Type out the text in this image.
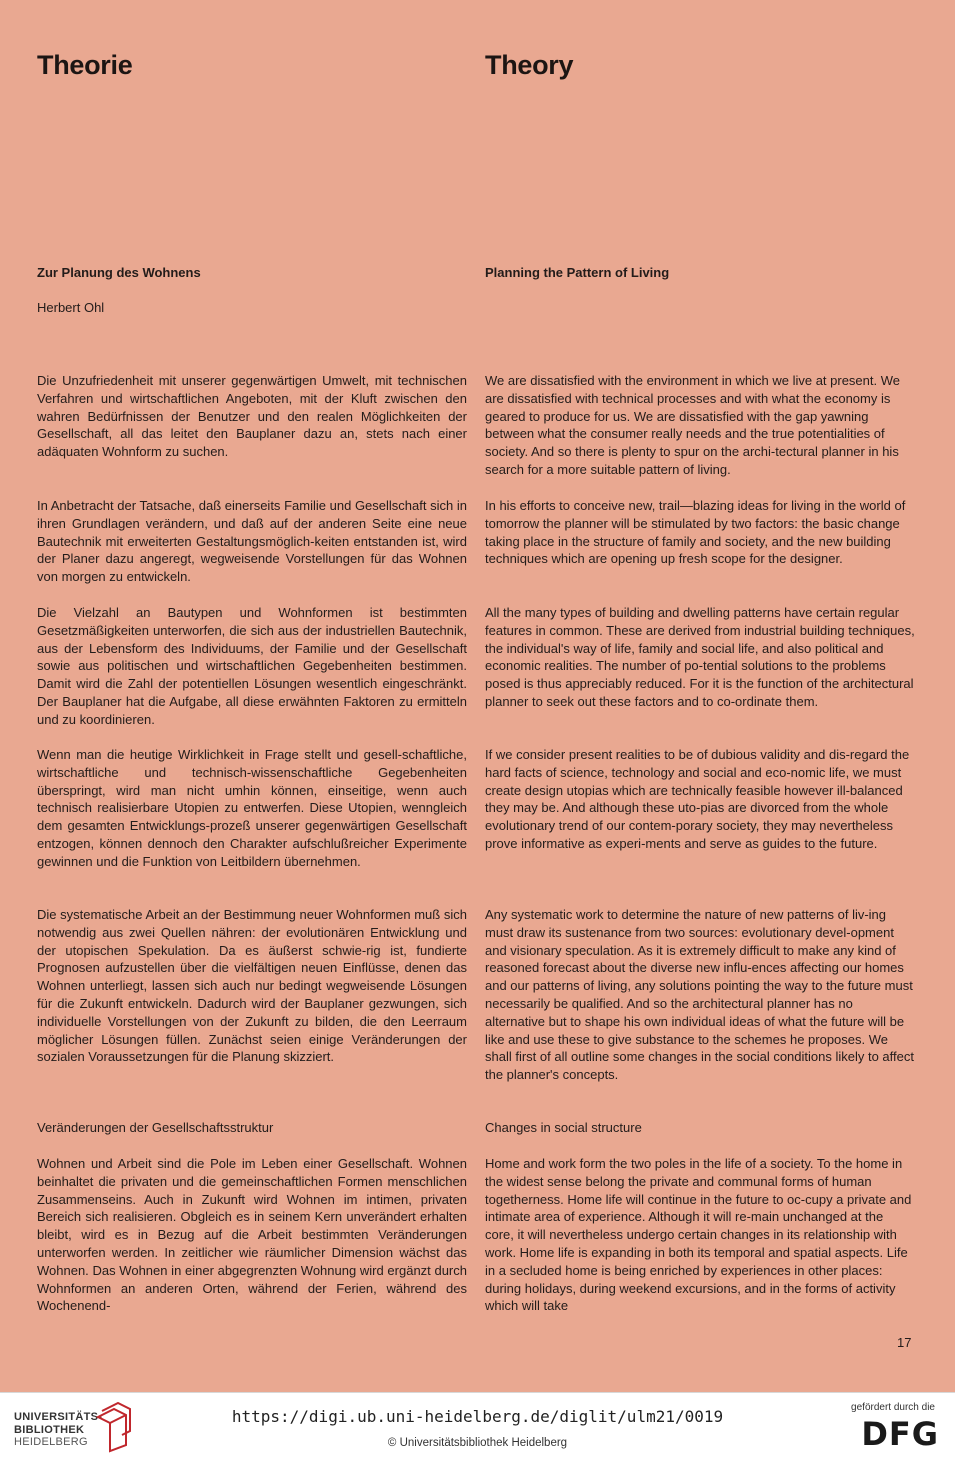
Theorie

Zur Planung des Wohnens

Herbert Ohl

Die Unzufriedenheit mit unserer gegenwärtigen Umwelt, mit technischen Verfahren und wirtschaftlichen Angeboten, mit der Kluft zwischen den wahren Bedürfnissen der Benutzer und den realen Möglichkeiten der Gesellschaft, all das leitet den Bauplaner dazu an, stets nach einer adäquaten Wohnform zu suchen.

In Anbetracht der Tatsache, daß einerseits Familie und Gesellschaft sich in ihren Grundlagen verändern, und daß auf der anderen Seite eine neue Bautechnik mit erweiterten Gestaltungsmöglich-keiten entstanden ist, wird der Planer dazu angeregt, wegweisende Vorstellungen für das Wohnen von morgen zu entwickeln.

Die Vielzahl an Bautypen und Wohnformen ist bestimmten Gesetzmäßigkeiten unterworfen, die sich aus der industriellen Bautechnik, aus der Lebensform des Individuums, der Familie und der Gesellschaft sowie aus politischen und wirtschaftlichen Gegebenheiten bestimmen. Damit wird die Zahl der potentiellen Lösungen wesentlich eingeschränkt. Der Bauplaner hat die Aufgabe, all diese erwähnten Faktoren zu ermitteln und zu koordinieren.

Wenn man die heutige Wirklichkeit in Frage stellt und gesell-schaftliche, wirtschaftliche und technisch-wissenschaftliche Gegebenheiten überspringt, wird man nicht umhin können, einseitige, wenn auch technisch realisierbare Utopien zu entwerfen. Diese Utopien, wenngleich dem gesamten Entwicklungs-prozeß unserer gegenwärtigen Gesellschaft entzogen, können dennoch den Charakter aufschlußreicher Experimente gewinnen und die Funktion von Leitbildern übernehmen.

Die systematische Arbeit an der Bestimmung neuer Wohnformen muß sich notwendig aus zwei Quellen nähren: der evolutionären Entwicklung und der utopischen Spekulation. Da es äußerst schwie-rig ist, fundierte Prognosen aufzustellen über die vielfältigen neuen Einflüsse, denen das Wohnen unterliegt, lassen sich auch nur bedingt wegweisende Lösungen für die Zukunft entwickeln. Dadurch wird der Bauplaner gezwungen, sich individuelle Vorstellungen von der Zukunft zu bilden, die den Leerraum möglicher Lösungen füllen. Zunächst seien einige Veränderungen der sozialen Voraussetzungen für die Planung skizziert.

Veränderungen der Gesellschaftsstruktur

Wohnen und Arbeit sind die Pole im Leben einer Gesellschaft. Wohnen beinhaltet die privaten und die gemeinschaftlichen Formen menschlichen Zusammenseins. Auch in Zukunft wird Wohnen im intimen, privaten Bereich sich realisieren. Obgleich es in seinem Kern unverändert erhalten bleibt, wird es in Bezug auf die Arbeit bestimmten Veränderungen unterworfen werden. In zeitlicher wie räumlicher Dimension wächst das Wohnen. Das Wohnen in einer abgegrenzten Wohnung wird ergänzt durch Wohnformen an anderen Orten, während der Ferien, während des Wochenend-

Theory

Planning the Pattern of Living

We are dissatisfied with the environment in which we live at present. We are dissatisfied with technical processes and with what the economy is geared to produce for us. We are dissatisfied with the gap yawning between what the consumer really needs and the true potentialities of society. And so there is plenty to spur on the archi-tectural planner in his search for a more suitable pattern of living.

In his efforts to conceive new, trail—blazing ideas for living in the world of tomorrow the planner will be stimulated by two factors: the basic change taking place in the structure of family and society, and the new building techniques which are opening up fresh scope for the designer.

All the many types of building and dwelling patterns have certain regular features in common. These are derived from industrial building techniques, the individual's way of life, family and social life, and also political and economic realities. The number of po-tential solutions to the problems posed is thus appreciably reduced. For it is the function of the architectural planner to seek out these factors and to co-ordinate them.

If we consider present realities to be of dubious validity and dis-regard the hard facts of science, technology and social and eco-nomic life, we must create design utopias which are technically feasible however ill-balanced they may be. And although these uto-pias are divorced from the whole evolutionary trend of our contem-porary society, they may nevertheless prove informative as experi-ments and serve as guides to the future.

Any systematic work to determine the nature of new patterns of liv-ing must draw its sustenance from two sources: evolutionary devel-opment and visionary speculation. As it is extremely difficult to make any kind of reasoned forecast about the diverse new influ-ences affecting our homes and our patterns of living, any solutions pointing the way to the future must necessarily be qualified. And so the architectural planner has no alternative but to shape his own individual ideas of what the future will be like and use these to give substance to the schemes he proposes. We shall first of all outline some changes in the social conditions likely to affect the planner's concepts.

Changes in social structure

Home and work form the two poles in the life of a society. To the home in the widest sense belong the private and communal forms of human togetherness. Home life will continue in the future to oc-cupy a private and intimate area of experience. Although it will re-main unchanged at the core, it will nevertheless undergo certain changes in its relationship with work. Home life is expanding in both its temporal and spatial aspects. Life in a secluded home is being enriched by experiences in other places: during holidays, during weekend excursions, and in the forms of activity which will take

17
UNIVERSITÄTS-
BIBLIOTHEK
HEIDELBERG
https://digi.ub.uni-heidelberg.de/diglit/ulm21/0019
© Universitätsbibliothek Heidelberg
gefördert durch die
DFG
